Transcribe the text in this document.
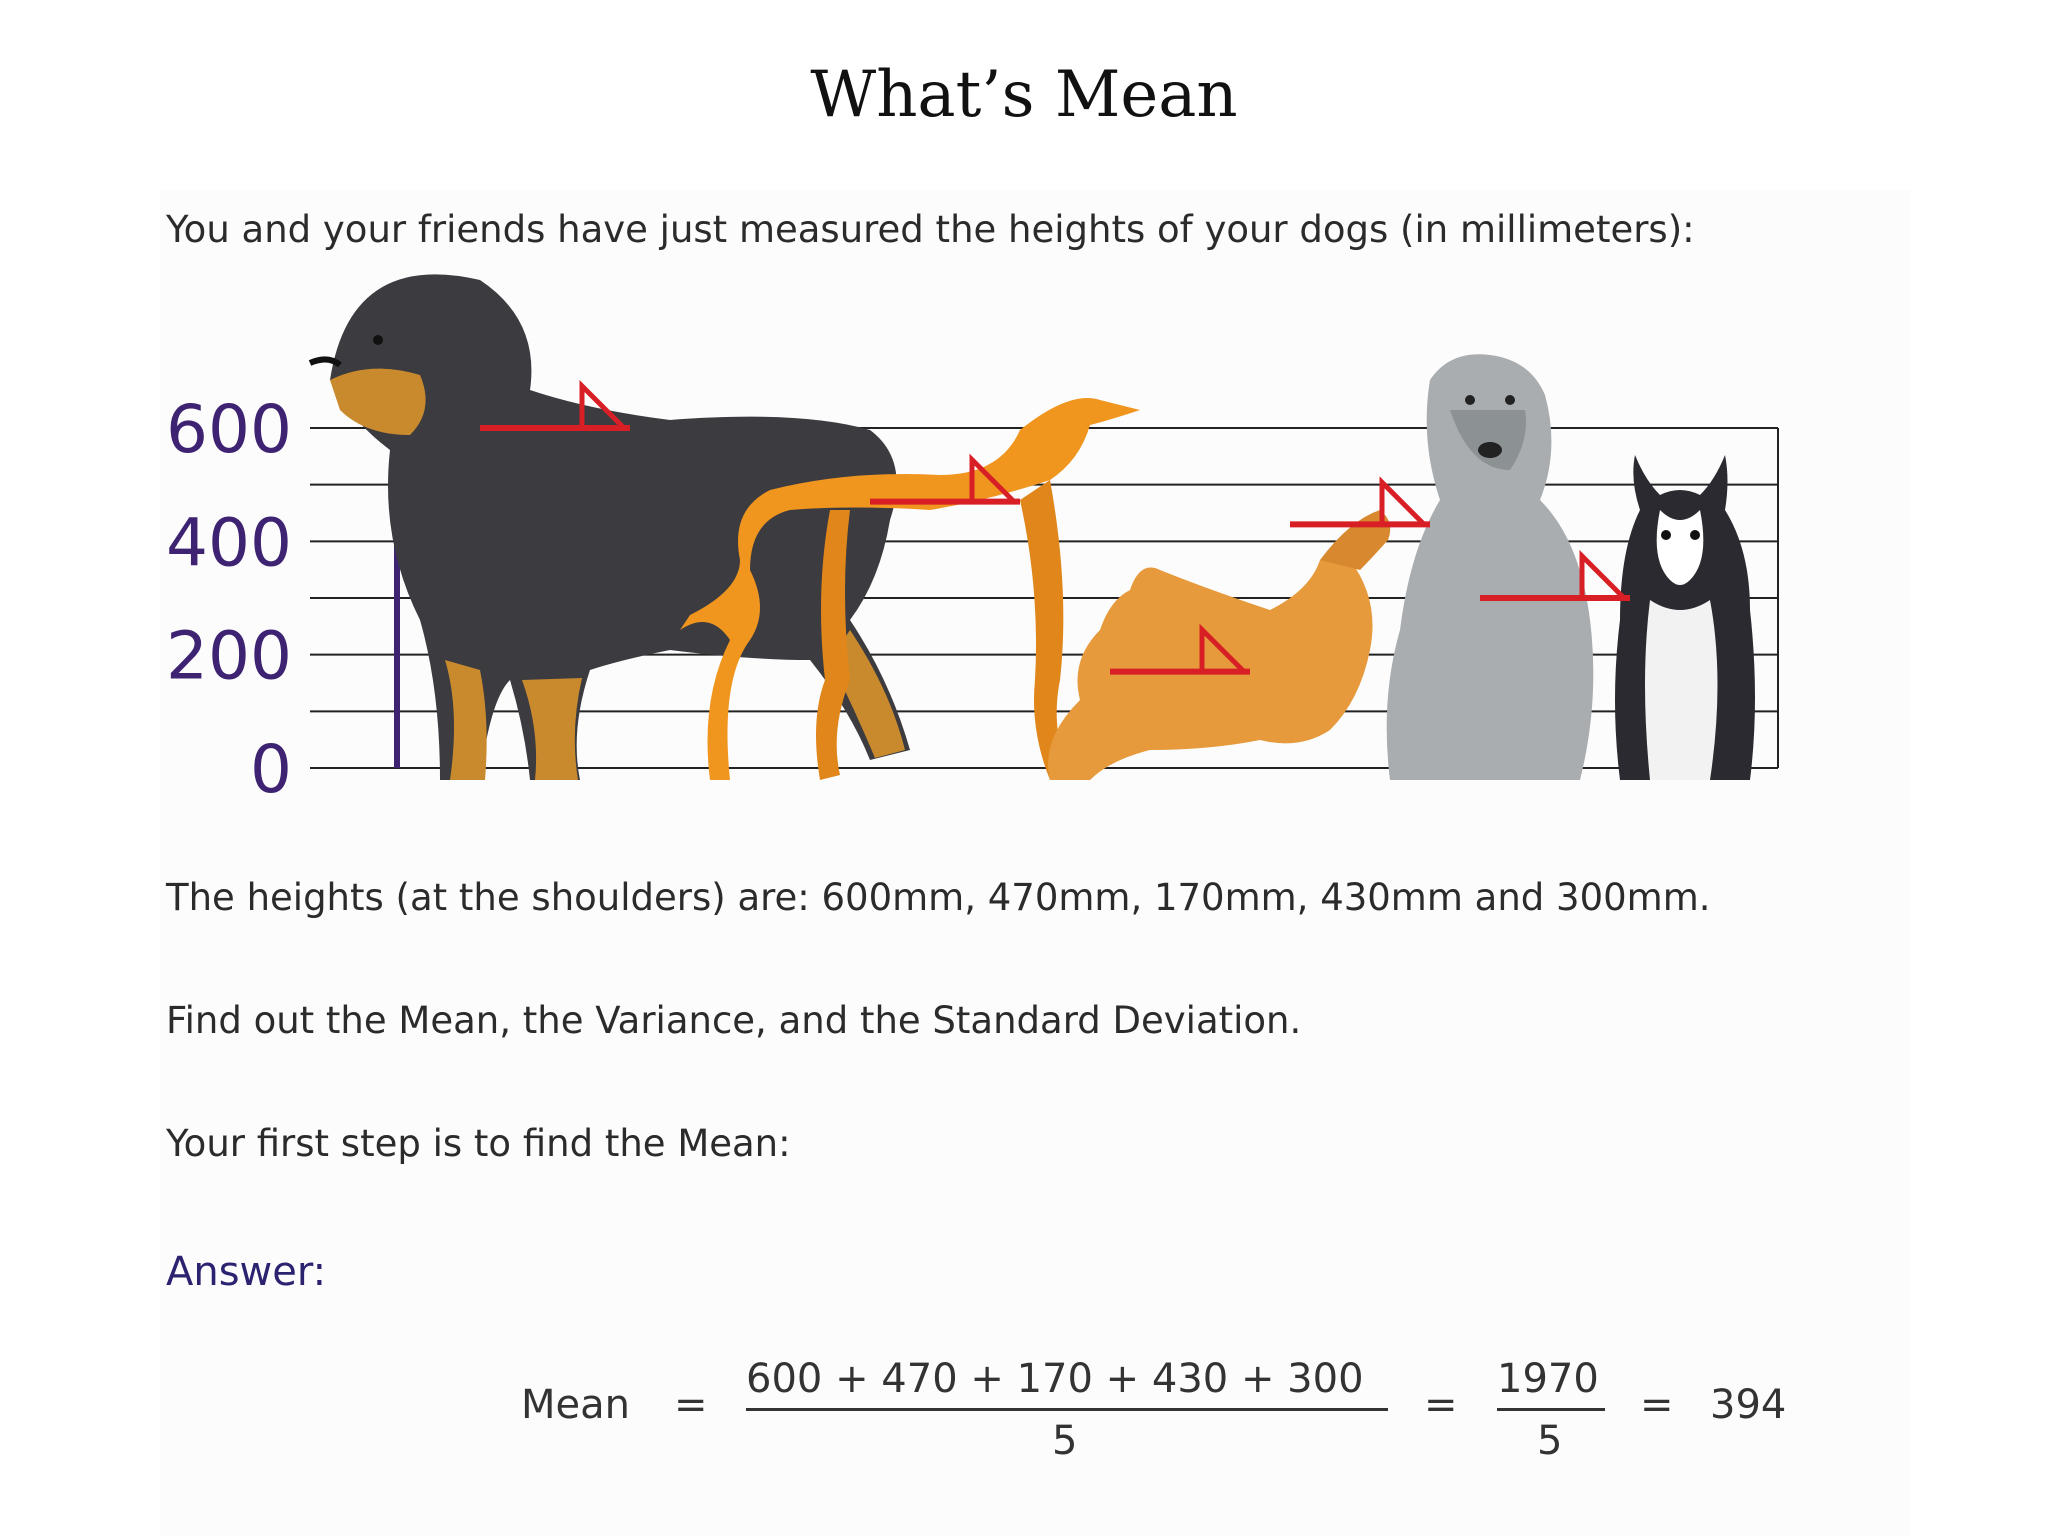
What’s Mean
You and your friends have just measured the heights of your dogs (in millimeters):
600
400
200
0
The heights (at the shoulders) are: 600mm, 470mm, 170mm, 430mm and 300mm.
Find out the Mean, the Variance, and the Standard Deviation.
Your first step is to find the Mean:
Answer:
Mean =
600 + 470 + 170 + 430 + 300
5
=
1970
5
= 394
